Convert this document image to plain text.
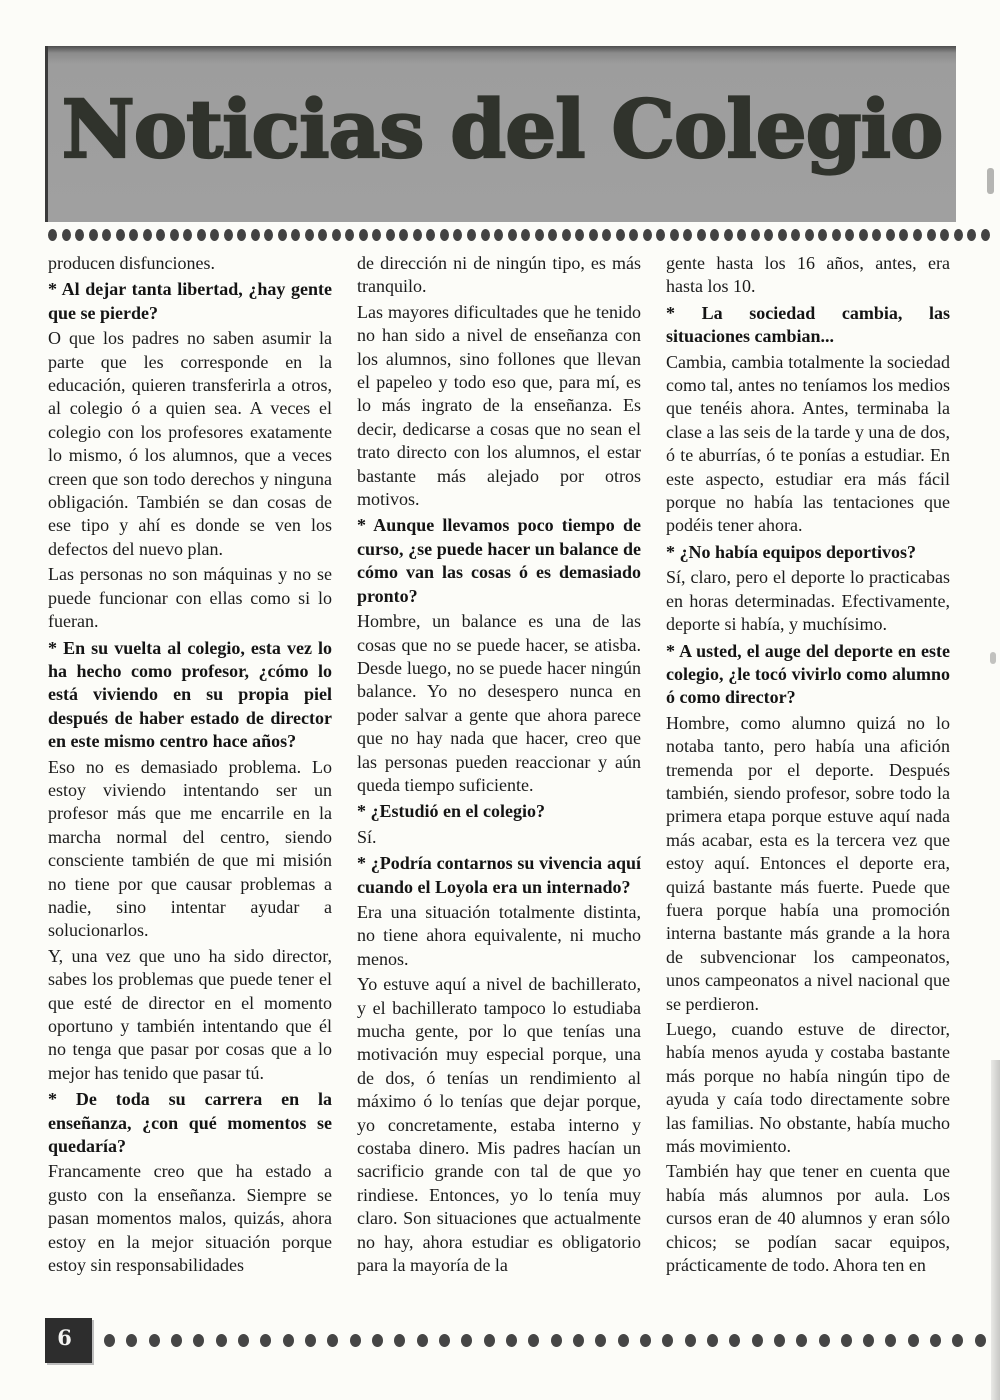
Noticias del Colegio

producen disfunciones.

* Al dejar tanta libertad, ¿hay gente que se pierde?

O que los padres no saben asumir la parte que les corresponde en la educación, quieren transferirla a otros, al colegio ó a quien sea. A veces el colegio con los profesores exatamente lo mismo, ó los alumnos, que a veces creen que son todo derechos y ninguna obligación. También se dan cosas de ese tipo y ahí es donde se ven los defectos del nuevo plan.

Las personas no son máquinas y no se puede funcionar con ellas como si lo fueran.

* En su vuelta al colegio, esta vez lo ha hecho como profesor, ¿cómo lo está viviendo en su propia piel después de haber estado de director en este mismo centro hace años?

Eso no es demasiado problema. Lo estoy viviendo intentando ser un profesor más que me encarrile en la marcha normal del centro, siendo consciente también de que mi misión no tiene por que causar problemas a nadie, sino intentar ayudar a solucionarlos.

Y, una vez que uno ha sido director, sabes los problemas que puede tener el que esté de director en el momento oportuno y también intentando que él no tenga que pasar por cosas que a lo mejor has tenido que pasar tú.

* De toda su carrera en la enseñanza, ¿con qué momentos se quedaría?

Francamente creo que ha estado a gusto con la enseñanza. Siempre se pasan momentos malos, quizás, ahora estoy en la mejor situación porque estoy sin responsabilidades

de dirección ni de ningún tipo, es más tranquilo.

Las mayores dificultades que he tenido no han sido a nivel de enseñanza con los alumnos, sino follones que llevan el papeleo y todo eso que, para mí, es lo más ingrato de la enseñanza. Es decir, dedicarse a cosas que no sean el trato directo con los alumnos, el estar bastante más alejado por otros motivos.

* Aunque llevamos poco tiempo de curso, ¿se puede hacer un balance de cómo van las cosas ó es demasiado pronto?

Hombre, un balance es una de las cosas que no se puede hacer, se atisba. Desde luego, no se puede hacer ningún balance. Yo no desespero nunca en poder salvar a gente que ahora parece que no hay nada que hacer, creo que las personas pueden reaccionar y aún queda tiempo suficiente.

* ¿Estudió en el colegio?

Sí.

* ¿Podría contarnos su vivencia aquí cuando el Loyola era un internado?

Era una situación totalmente distinta, no tiene ahora equivalente, ni mucho menos.

Yo estuve aquí a nivel de bachillerato, y el bachillerato tampoco lo estudiaba mucha gente, por lo que tenías una motivación muy especial porque, una de dos, ó tenías un rendimiento al máximo ó lo tenías que dejar porque, yo concretamente, estaba interno y costaba dinero. Mis padres hacían un sacrificio grande con tal de que yo rindiese. Entonces, yo lo tenía muy claro. Son situaciones que actualmente no hay, ahora estudiar es obligatorio para la mayoría de la

gente hasta los 16 años, antes, era hasta los 10.

* La sociedad cambia, las situaciones cambian...

Cambia, cambia totalmente la sociedad como tal, antes no teníamos los medios que tenéis ahora. Antes, terminaba la clase a las seis de la tarde y una de dos, ó te aburrías, ó te ponías a estudiar. En este aspecto, estudiar era más fácil porque no había las tentaciones que podéis tener ahora.

* ¿No había equipos deportivos?

Sí, claro, pero el deporte lo practicabas en horas determinadas. Efectivamente, deporte si había, y muchísimo.

* A usted, el auge del deporte en este colegio, ¿le tocó vivirlo como alumno ó como director?

Hombre, como alumno quizá no lo notaba tanto, pero había una afición tremenda por el deporte. Después también, siendo profesor, sobre todo la primera etapa porque estuve aquí nada más acabar, esta es la tercera vez que estoy aquí. Entonces el deporte era, quizá bastante más fuerte. Puede que fuera porque había una promoción interna bastante más grande a la hora de subvencionar los campeonatos, unos campeonatos a nivel nacional que se perdieron.

Luego, cuando estuve de director, había menos ayuda y costaba bastante más porque no había ningún tipo de ayuda y caía todo directamente sobre las familias. No obstante, había mucho más movimiento.

También hay que tener en cuenta que había más alumnos por aula. Los cursos eran de 40 alumnos y eran sólo chicos; se podían sacar equipos, prácticamente de todo. Ahora ten en

6
